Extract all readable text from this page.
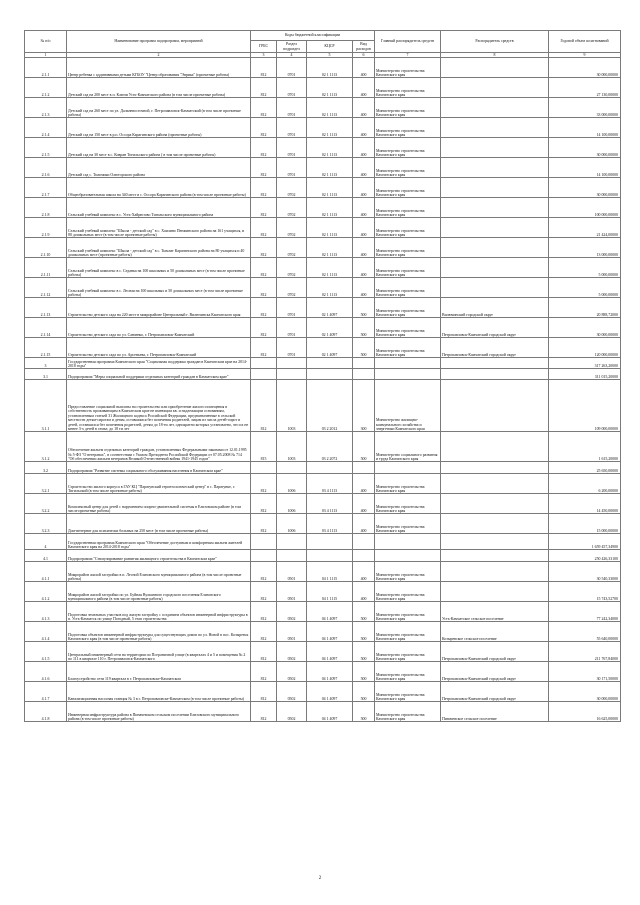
№ п/п	Наименование программ подпрограмм, мероприятий	Коды бюджетной классификации				Главный распорядитель средств	Распорядитель средств	Годовой объем ассигнований
		ГРБС	Раздел подраздел	КЦСР	Вид расходов			
1	2	3	4	5	6	7	8	9
2.1.1	Центр ребенка с аддитивными детьми КГБОУ "Центр образования "Эврика" (проектные работы)	812	0701	02 1 1113	400	Министерство строительства Камчатского края		30 000,00000
2.1.2	Детский сад на 200 мест в п. Ключи Усть-Камчатского района (в том числе проектные работы)	812	0701	02 1 1113	400	Министерство строительства Камчатского края		27 130,00000
2.1.3	Детский сад на 260 мест по ул. Дальневосточной, г. Петропавловск-Камчатский (в том числе проектные работы)	812	0701	02 1 1113	400	Министерство строительства Камчатского края		33 000,00000
2.1.4	Детский сад на 150 мест в р.п. Оссора Карагинского района (проектные работы)	812	0701	02 1 1113	400	Министерство строительства Камчатского края		14 100,00000
2.1.5	Детский сад на 30 мест в с. Ковран Тигильского района ( в том числе проектные работы)	812	0701	02 1 1113	400	Министерство строительства Камчатского края		30 000,00000
2.1.6	Детский сад с. Тиличики Олюторского района	812	0701	02 1 1113	400	Министерство строительства Камчатского края		14 100,00000
2.1.7	Общеобразовательная школа на 340 мест в с. Оссора Карагинского района (в том числе проектные работы)	812	0702	02 1 1113	400	Министерство строительства Камчатского края		30 000,00000
2.1.8	Сельский учебный комплекс в с. Усть-Хайрюзово Тигильского муниципального района	812	0702	02 1 1113	400	Министерство строительства Камчатского края		100 000,00000
2.1.9	Сельский учебный комплекс "Школа - детский сад" в с. Хаилино Пенжинского района на 161 учащихся, и 80 дошкольных мест (в том числе проектные работы)	812	0702	02 1 1113	400	Министерство строительства Камчатского края		21 424,00000
2.1.10	Сельский учебный комплекс "Школа - детский сад" в с. Тымлат Карагинского района на 80 учащихся и 40 дошкольных мест (проектные работы)	812	0702	02 1 1113	400	Министерство строительства Камчатского края		13 000,00000
2.1.11	Сельский учебный комплекс в с. Седанка на 100 школьных и 50 дошкольных мест (в том числе проектные работы)	812	0702	02 1 1113	400	Министерство строительства Камчатского края		5 000,00000
2.1.12	Сельский учебный комплекс в с. Лесная на 100 школьных и 50 дошкольных мест (в том числе проектные работы)	812	0702	02 1 1113	400	Министерство строительства Камчатского края		5 000,00000
2.1.13	Строительство детского сада на 220 мест в микрорайоне Центральный г. Вилючинска Камчатского края	812	0701	02 1 4097	500	Министерство строительства Камчатского края	Вилючинский городской округ	20 888,72000
2.1.14	Строительство детского сада по ул. Савченко, г. Петропавловск-Камчатский	812	0701	02 1 4097	500	Министерство строительства Камчатского края	Петропавловск-Камчатский городской округ	30 000,00000
2.1.15	Строительство детского сада по ул. Арсеньева, г. Петропавловск-Камчатский	812	0701	02 1 4097	500	Министерство строительства Камчатского края	Петропавловск-Камчатский городской округ	120 000,00000
3	Государственная программа Камчатского края "Социальная поддержка граждан в Камчатском крае на 2014-2018 годы"							317 263,20000
3.1	Подпрограмма "Меры социальной поддержки отдельных категорий граждан в Камчатском крае"							311 015,20000
3.1.1	Предоставление социальной выплаты на строительство или приобретение жилого помещения в собственность проживающим в Камчатском крае не имеющим кв. и надлежащим основаниям, установленным статьей 31 Жилищного кодекса Российской Федерации, предназначенные в сельской местности детям-сиротам и детям, оставшимся без попечения родителей, лицам из числа детей-сирот и детей, оставшихся без попечения родителей, детям до 18-ти лет, однократно которых установлено, что их не менее 3-х детей в семье, до 18 ти лет	812	1003	03 2 2012	300	Министерство жилищно-коммунального хозяйства и энергетики Камчатского края		109 000,00000
3.1.2	Обеспечение жильем отдельных категорий граждан, установленных Федеральными законами от 12.01.1995 № 5-ФЗ "О ветеранах", в соответствии с Указом Президента Российской Федерации от 07.05.2008 № 714 "Об обеспечении жильем ветеранов Великой Отечественной войны 1941-1945 годов"	815	1003	03 2 2072	500	Министерство социального развития и труда Камчатского края		1 615,20000
3.2	Подпрограмма "Развитие системы социального обслуживания населения в Камчатском крае"							25 650,00000
3.2.1	Строительство жилого корпуса в ГАУ КЦ "Паратунский геронтологический центр" в с. Паратунке, г. Тигильский (в том числе проектные работы)	812	1006	03 4 1113	400	Министерство строительства Камчатского края		6 200,00000
3.2.2	Комплексный центр для детей с нарушением опорно-двигательной системы в Елизовском районе (в том числе проектные работы)	812	1006	03 4 1113	400	Министерство строительства Камчатского края		14 450,00000
3.2.3	Дом-интернат для психически больных на 250 мест (в том числе проектные работы)	812	1006	03 4 1113	400	Министерство строительства Камчатского края		15 000,00000
4	Государственная программа Камчатского края "Обеспечение доступным и комфортным жильем жителей Камчатского края на 2014-2018 годы"							1 659 457,34900
4.1	Подпрограмма "Стимулирование развития жилищного строительства в Камчатском крае"							250 426,33100
4.1.1	Микрорайон жилой застройки в п. Лесной Елизовского муниципального района (в том числе проектные работы)	812	0501	04 1 1115	400	Министерство строительства Камчатского края		30 540,33000
4.1.2	Микрорайон жилой застройки по ул. Буйная Вулканного городского поселения Елизовского муниципального района (в том числе проектные работы)	812	0501	04 1 1115	400	Министерство строительства Камчатского края		15 743,52700
4.1.3	Подготовка земельных участков под жилую застройку с созданием объектов инженерной инфраструктуры в п. Усть-Камчатск по улице Погодный, 5 этап строительства	812	0502	04 1 4097	500	Министерство строительства Камчатского края	Усть-Камчатское сельское поселение	77 242,34000
4.1.4	Подготовка объектов инженерной инфраструктуры для существующих домов по ул. Новой в пос. Козыревск Камчатского края (в том числе проектные работы)	812	0501	04 1 4097	500	Министерство строительства Камчатского края	Козыревское сельское поселение	55 640,00000
4.1.5	Центральный инженерный сети на территории по Пограничной улице (в кварталах 4 и 5 и помещения № 2 по 111 в квартале 110 г. Петропавловск-Камчатского	812	0502	04 1 4097	500	Министерство строительства Камчатского края	Петропавловск-Камчатский городской округ	211 767,84000
4.1.6	Благоустройство сети 119 квартала в г. Петропавловске-Камчатском	812	0502	04 1 4097	500	Министерство строительства Камчатского края	Петропавловск-Камчатский городской округ	30 171,50000
4.1.7	Канализационная насосная станция № 3 в г. Петропавловске-Камчатском (в том числе проектные работы)	812	0502	04 1 4097	500	Министерство строительства Камчатского края	Петропавловск-Камчатский городской округ	30 000,00000
4.1.8	Инженерная инфраструктура района в Пиначевском сельском поселении Елизовского муниципального района (в том числе проектные работы)	812	0502	04 1 4097	500	Министерство строительства Камчатского края	Пиначевское сельское поселение	16 625,00000
2
